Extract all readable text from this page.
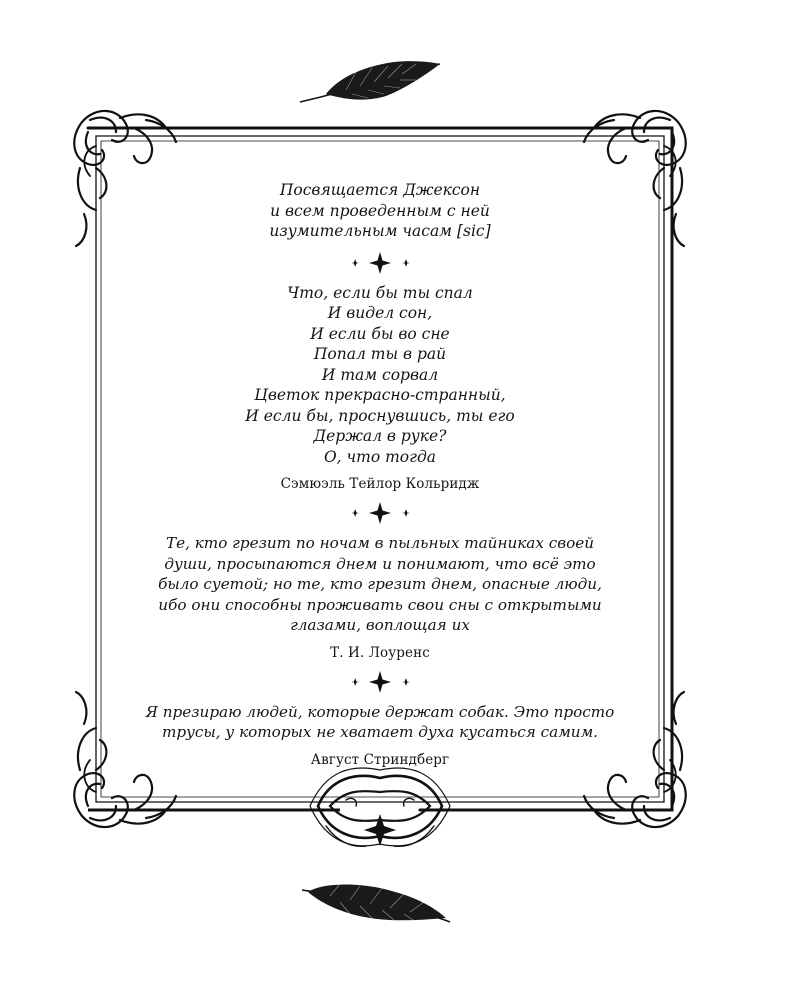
Посвящается Джексон

и всем проведенным с ней

изумительным часам [sic]

Что, если бы ты спал

И видел сон,

И если бы во сне

Попал ты в рай

И там сорвал

Цветок прекрасно-странный,

И если бы, проснувшись, ты его

Держал в руке?

О, что тогда

Сэмюэль Тейлор Кольридж

Те, кто грезит по ночам в пыльных тайниках своей

души, просыпаются днем и понимают, что всё это

было суетой; но те, кто грезит днем, опасные люди,

ибо они способны проживать свои сны с открытыми

глазами, воплощая их

Т. И. Лоуренс

Я презираю людей, которые держат собак. Это просто

трусы, у которых не хватает духа кусаться самим.

Август Стриндберг
